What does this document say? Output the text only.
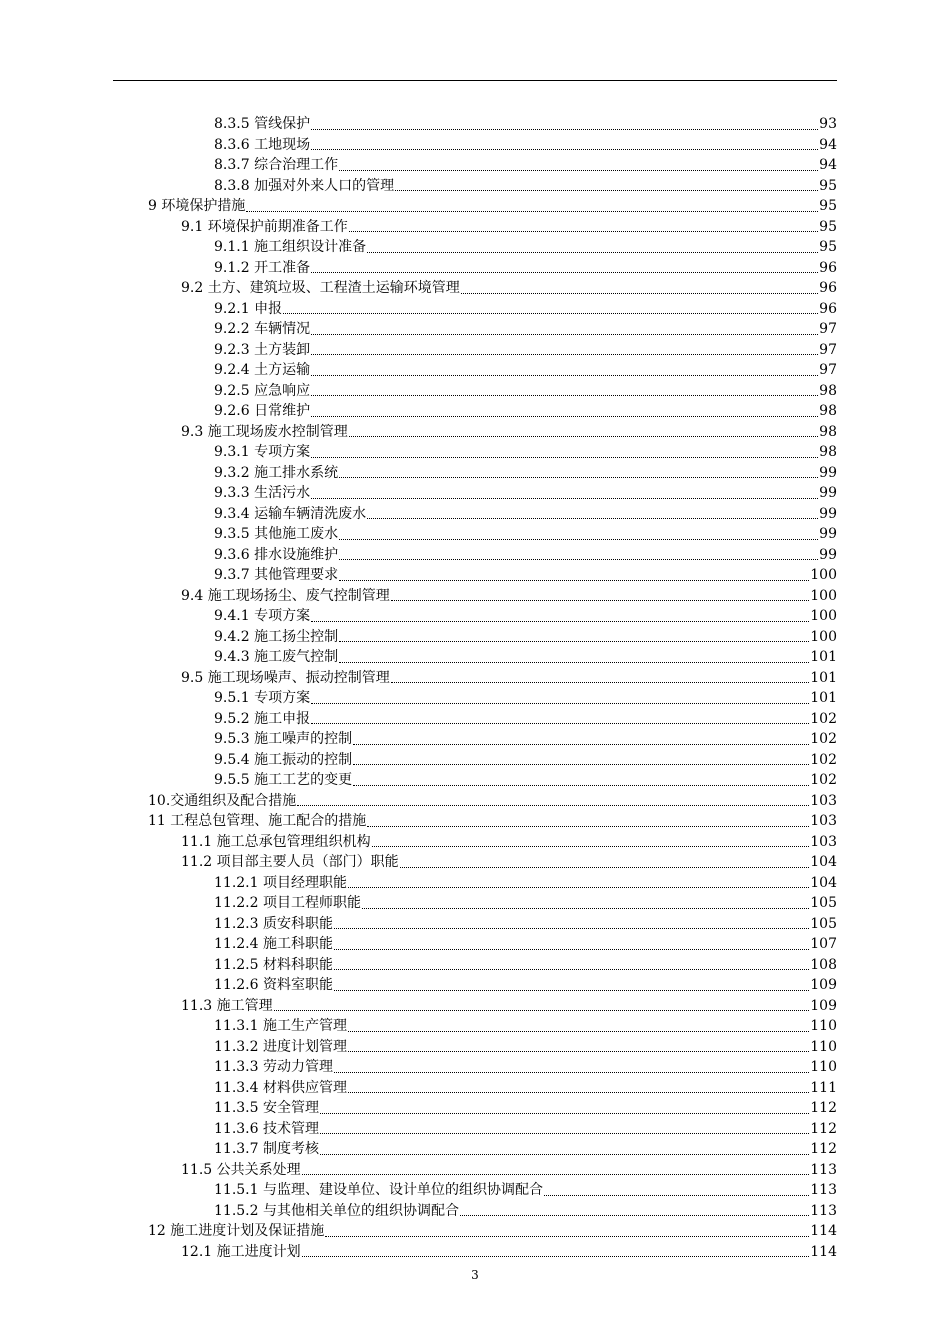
8.3.5 管线保护	93
8.3.6 工地现场	94
8.3.7 综合治理工作	94
8.3.8 加强对外来人口的管理	95
9 环境保护措施	95
9.1 环境保护前期准备工作	95
9.1.1 施工组织设计准备	95
9.1.2 开工准备	96
9.2 土方、建筑垃圾、工程渣土运输环境管理	96
9.2.1 申报	96
9.2.2 车辆情况	97
9.2.3 土方装卸	97
9.2.4 土方运输	97
9.2.5 应急响应	98
9.2.6 日常维护	98
9.3 施工现场废水控制管理	98
9.3.1 专项方案	98
9.3.2 施工排水系统	99
9.3.3 生活污水	99
9.3.4 运输车辆清洗废水	99
9.3.5 其他施工废水	99
9.3.6 排水设施维护	99
9.3.7 其他管理要求	100
9.4 施工现场扬尘、废气控制管理	100
9.4.1 专项方案	100
9.4.2 施工扬尘控制	100
9.4.3 施工废气控制	101
9.5 施工现场噪声、振动控制管理	101
9.5.1 专项方案	101
9.5.2 施工申报	102
9.5.3 施工噪声的控制	102
9.5.4 施工振动的控制	102
9.5.5 施工工艺的变更	102
10.交通组织及配合措施	103
11 工程总包管理、施工配合的措施	103
11.1 施工总承包管理组织机构	103
11.2 项目部主要人员（部门）职能	104
11.2.1 项目经理职能	104
11.2.2 项目工程师职能	105
11.2.3 质安科职能	105
11.2.4 施工科职能	107
11.2.5 材料科职能	108
11.2.6 资料室职能	109
11.3 施工管理	109
11.3.1 施工生产管理	110
11.3.2 进度计划管理	110
11.3.3 劳动力管理	110
11.3.4 材料供应管理	111
11.3.5 安全管理	112
11.3.6 技术管理	112
11.3.7 制度考核	112
11.5 公共关系处理	113
11.5.1 与监理、建设单位、设计单位的组织协调配合	113
11.5.2 与其他相关单位的组织协调配合	113
12 施工进度计划及保证措施	114
12.1 施工进度计划	114
3
